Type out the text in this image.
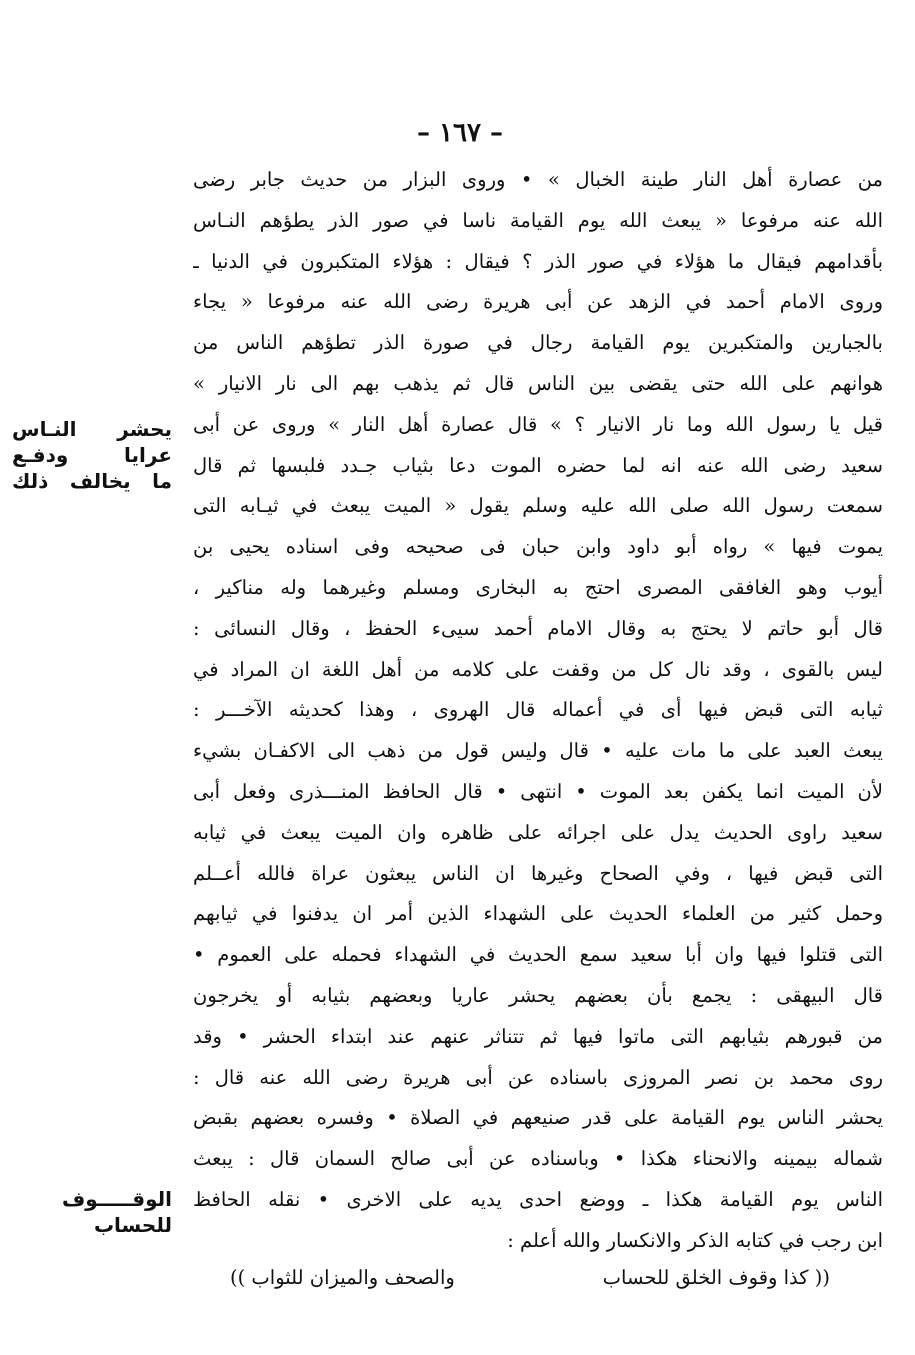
– ١٦٧ –
من عصارة أهل النار طينة الخبال » • وروى البزار من حديث جابر رضى
الله عنه مرفوعا « يبعث الله يوم القيامة ناسا في صور الذر يطؤهم النـاس
بأقدامهم فيقال ما هؤلاء في صور الذر ؟ فيقال : هؤلاء المتكبرون في الدنيا ـ
وروى الامام أحمد في الزهد عن أبى هريرة رضى الله عنه مرفوعا « يجاء
بالجبارين والمتكبرين يوم القيامة رجال في صورة الذر تطؤهم الناس من
هوانهم على الله حتى يقضى بين الناس قال ثم يذهب بهم الى نار الانيار »
قيل يا رسول الله وما نار الانيار ؟ » قال عصارة أهل النار » وروى عن أبى
سعيد رضى الله عنه انه لما حضره الموت دعا بثياب جـدد فلبسها ثم قال
سمعت رسول الله صلى الله عليه وسلم يقول « الميت يبعث في ثيـابه التى
يموت فيها » رواه أبو داود وابن حبان فى صحيحه وفى اسناده يحيى بن
أيوب وهو الغافقى المصرى احتج به البخارى ومسلم وغيرهما وله مناكير ،
قال أبو حاتم لا يحتج به وقال الامام أحمد سيىء الحفظ ، وقال النسائى :
ليس بالقوى ، وقد نال كل من وقفت على كلامه من أهل اللغة ان المراد في
ثيابه التى قبض فيها أى في أعماله قال الهروى ، وهذا كحديثه الآخـــر :
يبعث العبد على ما مات عليه • قال وليس قول من ذهب الى الاكفـان بشيء
لأن الميت انما يكفن بعد الموت • انتهى • قال الحافظ المنـــذرى وفعل أبى
سعيد راوى الحديث يدل على اجرائه على ظاهره وان الميت يبعث في ثيابه
التى قبض فيها ، وفي الصحاح وغيرها ان الناس يبعثون عراة فالله أعــلم
وحمل كثير من العلماء الحديث على الشهداء الذين أمر ان يدفنوا في ثيابهم
التى قتلوا فيها وان أبا سعيد سمع الحديث في الشهداء فحمله على العموم •
قال البيهقى : يجمع بأن بعضهم يحشر عاريا وبعضهم بثيابه أو يخرجون
من قبورهم بثيابهم التى ماتوا فيها ثم تتناثر عنهم عند ابتداء الحشر • وقد
روى محمد بن نصر المروزى باسناده عن أبى هريرة رضى الله عنه قال :
يحشر الناس يوم القيامة على قدر صنيعهم في الصلاة • وفسره بعضهم بقبض
شماله بيمينه والانحناء هكذا • وباسناده عن أبى صالح السمان قال : يبعث
الناس يوم القيامة هكذا ـ ووضع احدى يديه على الاخرى • نقله الحافظ
ابن رجب في كتابه الذكر والانكسار والله أعلم :
(( كذا وقوف الخلق للحساب
والصحف والميزان للثواب ))
يحشر النـاس
عرايا ودفـع
ما يخالف ذلك
الوقـــــوف
للحساب
